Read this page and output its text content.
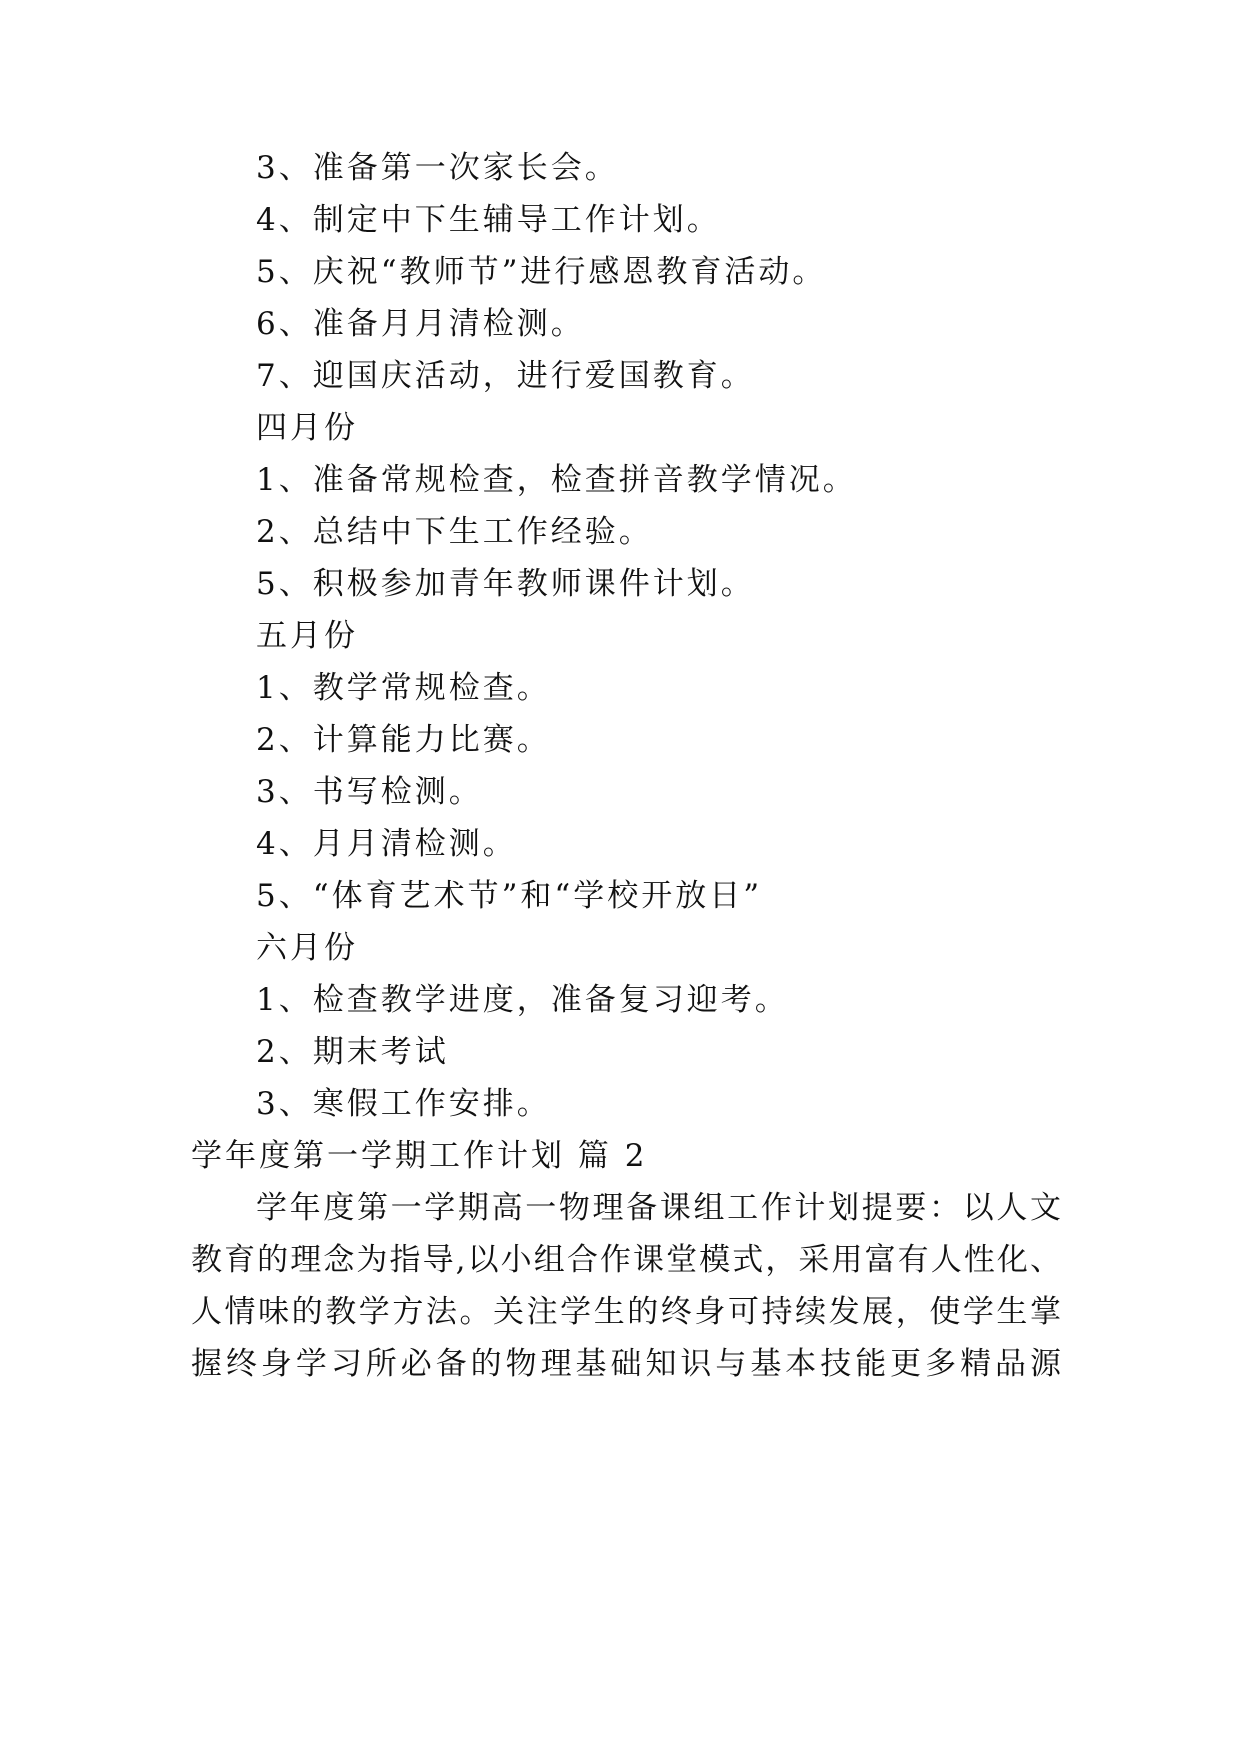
3、准备第一次家长会。

4、制定中下生辅导工作计划。

5、庆祝“教师节”进行感恩教育活动。

6、准备月月清检测。

7、迎国庆活动，进行爱国教育。

四月份

1、准备常规检查，检查拼音教学情况。

2、总结中下生工作经验。

5、积极参加青年教师课件计划。

五月份

1、教学常规检查。

2、计算能力比赛。

3、书写检测。

4、月月清检测。

5、“体育艺术节”和“学校开放日”

六月份

1、检查教学进度，准备复习迎考。

2、期末考试

3、寒假工作安排。

学年度第一学期工作计划 篇 2

学年度第一学期高一物理备课组工作计划提要：以人文

教育的理念为指导,以小组合作课堂模式，采用富有人性化、

人情味的教学方法。关注学生的终身可持续发展，使学生掌

握终身学习所必备的物理基础知识与基本技能更多精品源
